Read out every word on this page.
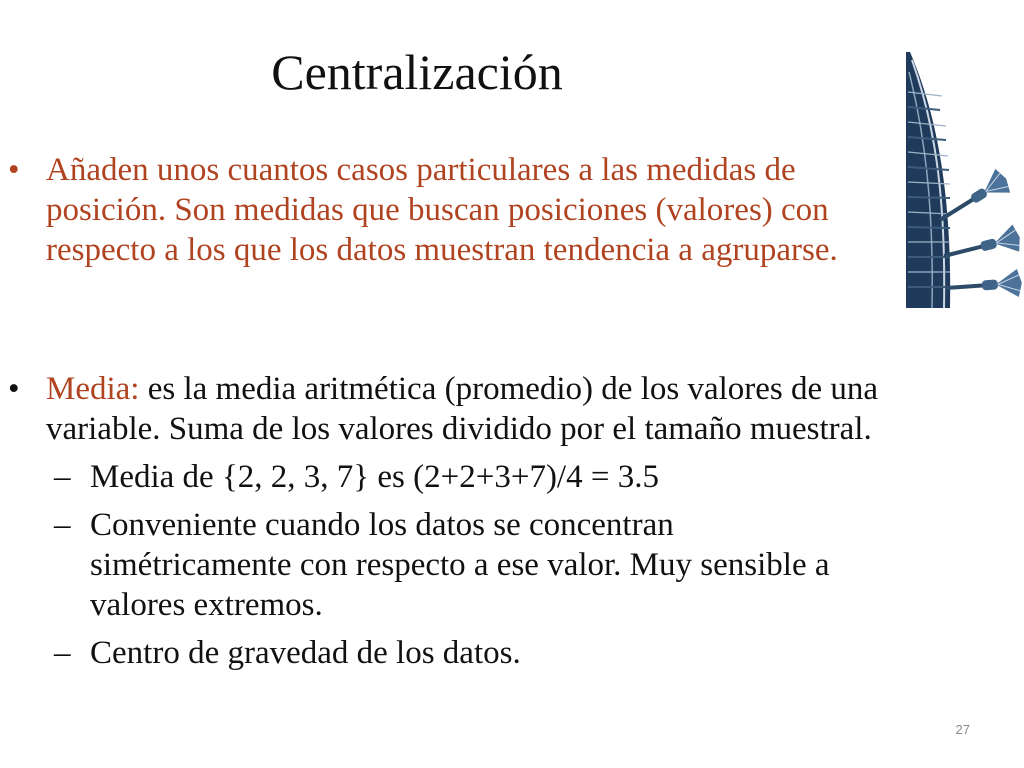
Centralización
• Añaden unos cuantos casos particulares a las medidas de posición. Son medidas que buscan posiciones (valores) con respecto a los que los datos muestran tendencia a agruparse.
• Media: es la media aritmética (promedio) de los valores de una variable. Suma de los valores dividido por el tamaño muestral.
– Media de {2, 2, 3, 7} es (2+2+3+7)/4 = 3.5
– Conveniente cuando los datos se concentran simétricamente con respecto a ese valor. Muy sensible a valores extremos.
– Centro de gravedad de los datos.
27
